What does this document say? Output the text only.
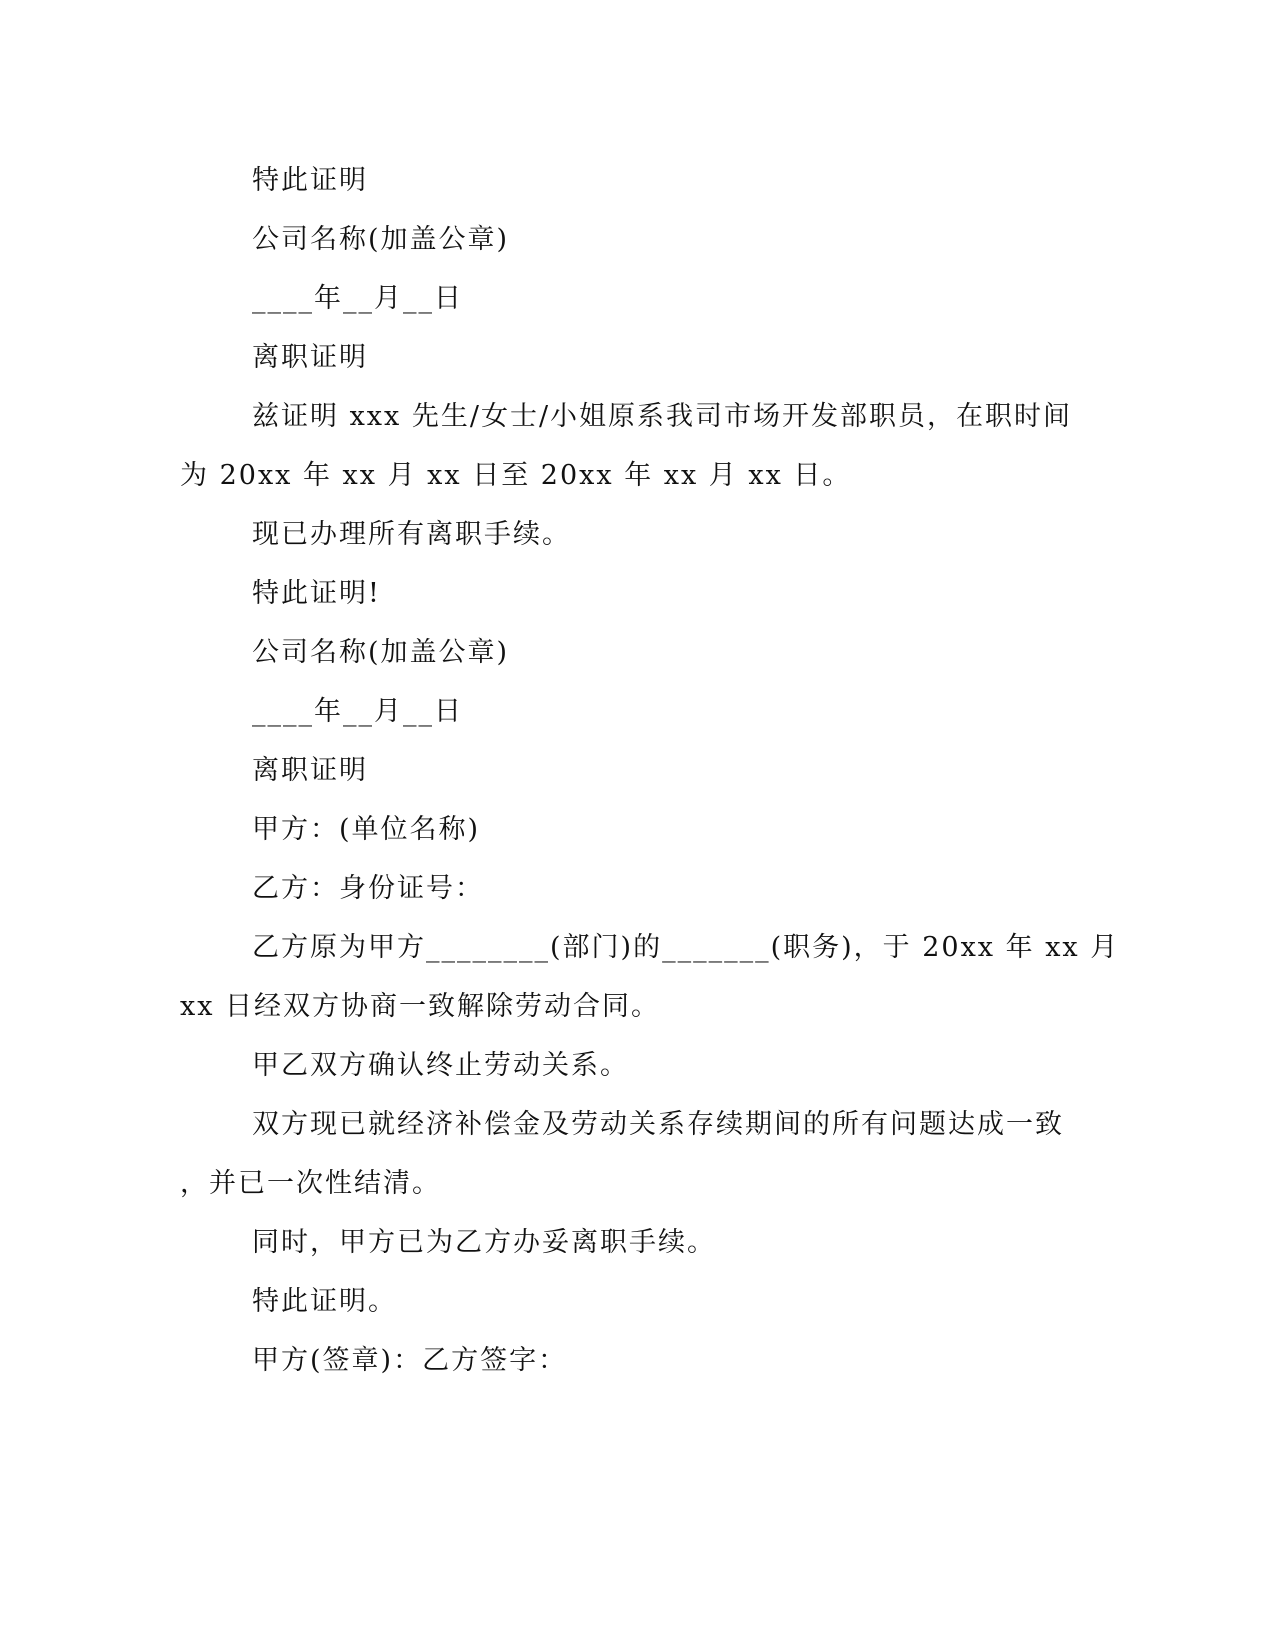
特此证明
公司名称(加盖公章)
____年__月__日
离职证明
兹证明 xxx 先生/女士/小姐原系我司市场开发部职员，在职时间
为 20xx 年 xx 月 xx 日至 20xx 年 xx 月 xx 日。
现已办理所有离职手续。
特此证明!
公司名称(加盖公章)
____年__月__日
离职证明
甲方：(单位名称)
乙方：身份证号：
乙方原为甲方________(部门)的_______(职务)，于 20xx 年 xx 月
xx 日经双方协商一致解除劳动合同。
甲乙双方确认终止劳动关系。
双方现已就经济补偿金及劳动关系存续期间的所有问题达成一致
，并已一次性结清。
同时，甲方已为乙方办妥离职手续。
特此证明。
甲方(签章)：乙方签字：
